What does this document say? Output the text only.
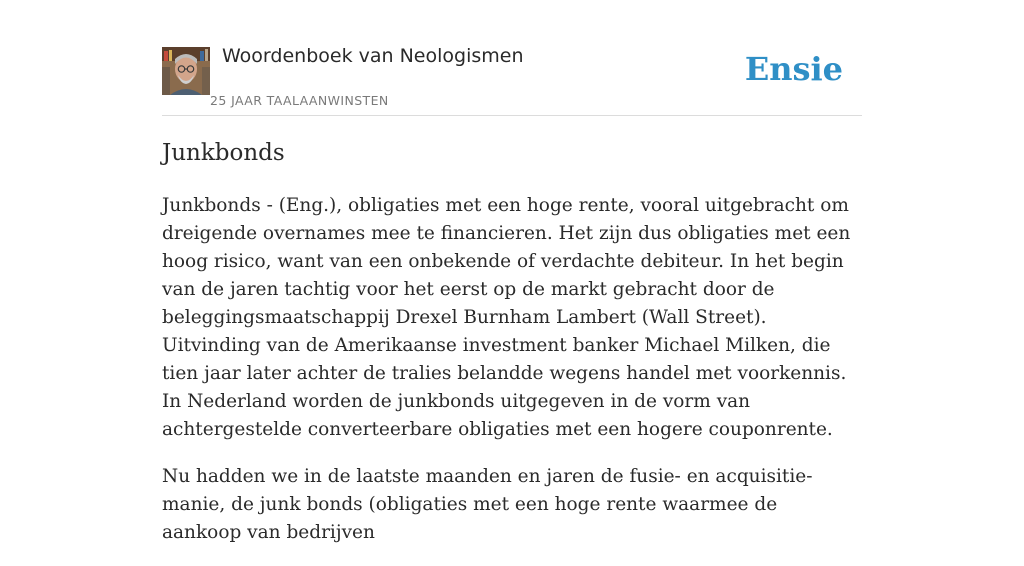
Woordenboek van Neologismen
25 JAAR TAALAANWINSTEN
Ensie
Junkbonds

Junkbonds - (Eng.), obligaties met een hoge rente, vooral uitgebracht om dreigende overnames mee te financieren. Het zijn dus obligaties met een hoog risico, want van een onbekende of verdachte debiteur. In het begin van de jaren tachtig voor het eerst op de markt gebracht door de beleggingsmaatschappij Drexel Burnham Lambert (Wall Street). Uitvinding van de Amerikaanse investment banker Michael Milken, die tien jaar later achter de tralies belandde wegens handel met voorkennis. In Nederland worden de junkbonds uitgegeven in de vorm van achtergestelde converteerbare obligaties met een hogere couponrente.

Nu hadden we in de laatste maanden en jaren de fusie- en acquisitie-manie, de junk bonds (obligaties met een hoge rente waarmee de aankoop van bedrijven
